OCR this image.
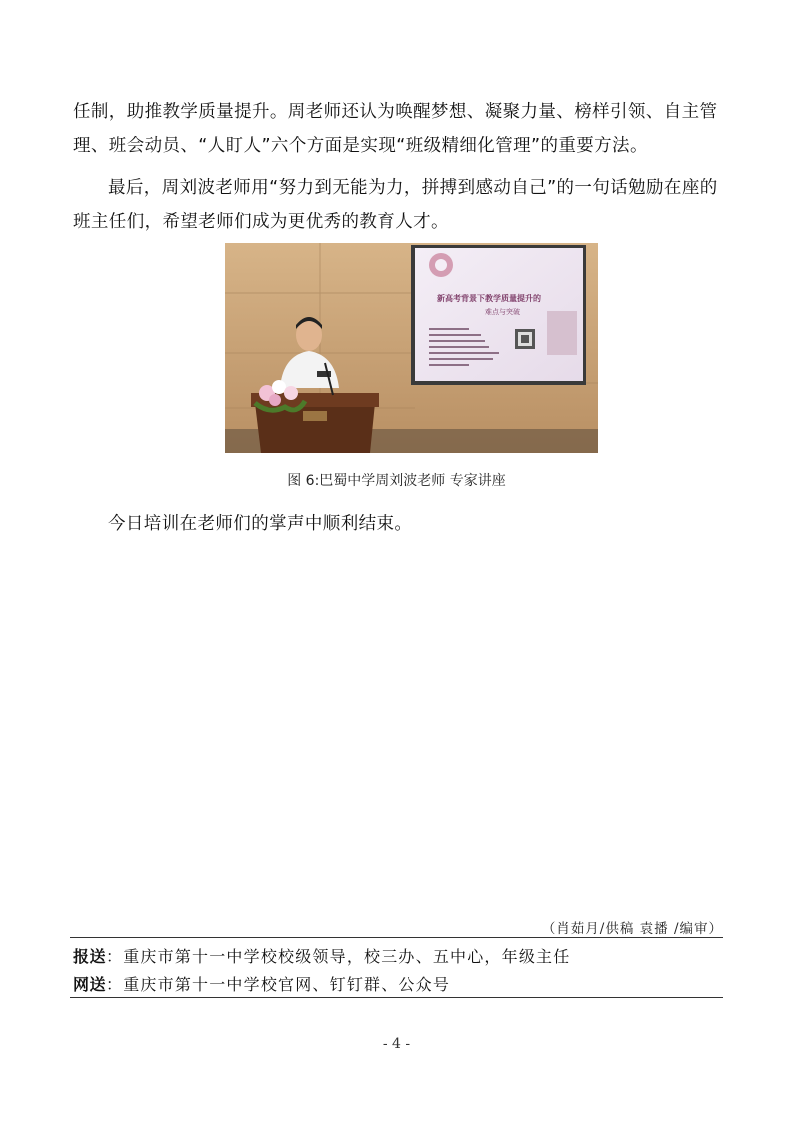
任制，助推教学质量提升。周老师还认为唤醒梦想、凝聚力量、榜样引领、自主管理、班会动员、“人盯人”六个方面是实现“班级精细化管理”的重要方法。

最后，周刘波老师用“努力到无能为力，拼搏到感动自己”的一句话勉励在座的班主任们，希望老师们成为更优秀的教育人才。

新高考背景下教学质量提升的
难点与突破
图 6:巴蜀中学周刘波老师 专家讲座

今日培训在老师们的掌声中顺利结束。

（肖茹月/供稿 袁播 /编审）
报送：重庆市第十一中学校校级领导，校三办、五中心，年级主任
网送：重庆市第十一中学校官网、钉钉群、公众号
- 4 -
